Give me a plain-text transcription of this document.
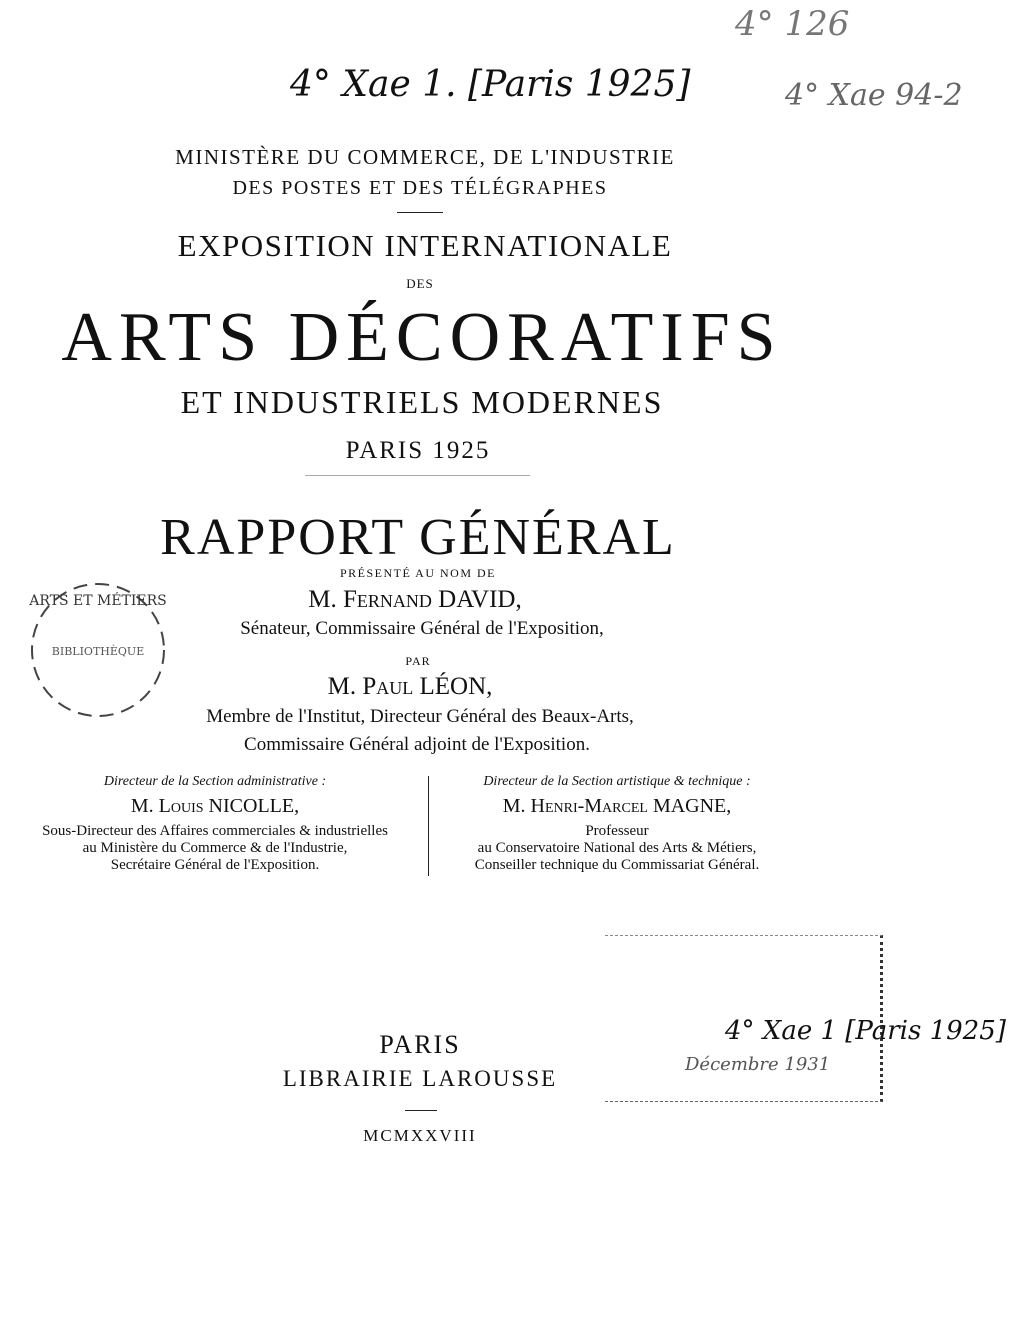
4° Xae 1. [Paris 1925]
4° 126
4° Xae 94-2
MINISTÈRE DU COMMERCE, DE L'INDUSTRIE
DES POSTES ET DES TÉLÉGRAPHES
EXPOSITION INTERNATIONALE
DES
ARTS DÉCORATIFS
ET INDUSTRIELS MODERNES
PARIS 1925
RAPPORT GÉNÉRAL
PRÉSENTÉ AU NOM DE
M. Fernand DAVID,
Sénateur, Commissaire Général de l'Exposition,
PAR
M. Paul LÉON,
Membre de l'Institut, Directeur Général des Beaux-Arts,
Commissaire Général adjoint de l'Exposition.
ARTS ET MÉTIERS
BIBLIOTHÈQUE
Directeur de la Section administrative :
M. Louis NICOLLE,
Sous-Directeur des Affaires commerciales & industrielles
au Ministère du Commerce & de l'Industrie,
Secrétaire Général de l'Exposition.
Directeur de la Section artistique & technique :
M. Henri-Marcel MAGNE,
Professeur
au Conservatoire National des Arts & Métiers,
Conseiller technique du Commissariat Général.
4° Xae 1 [Paris 1925]
Décembre 1931
PARIS
LIBRAIRIE LAROUSSE
MCMXXVIII
